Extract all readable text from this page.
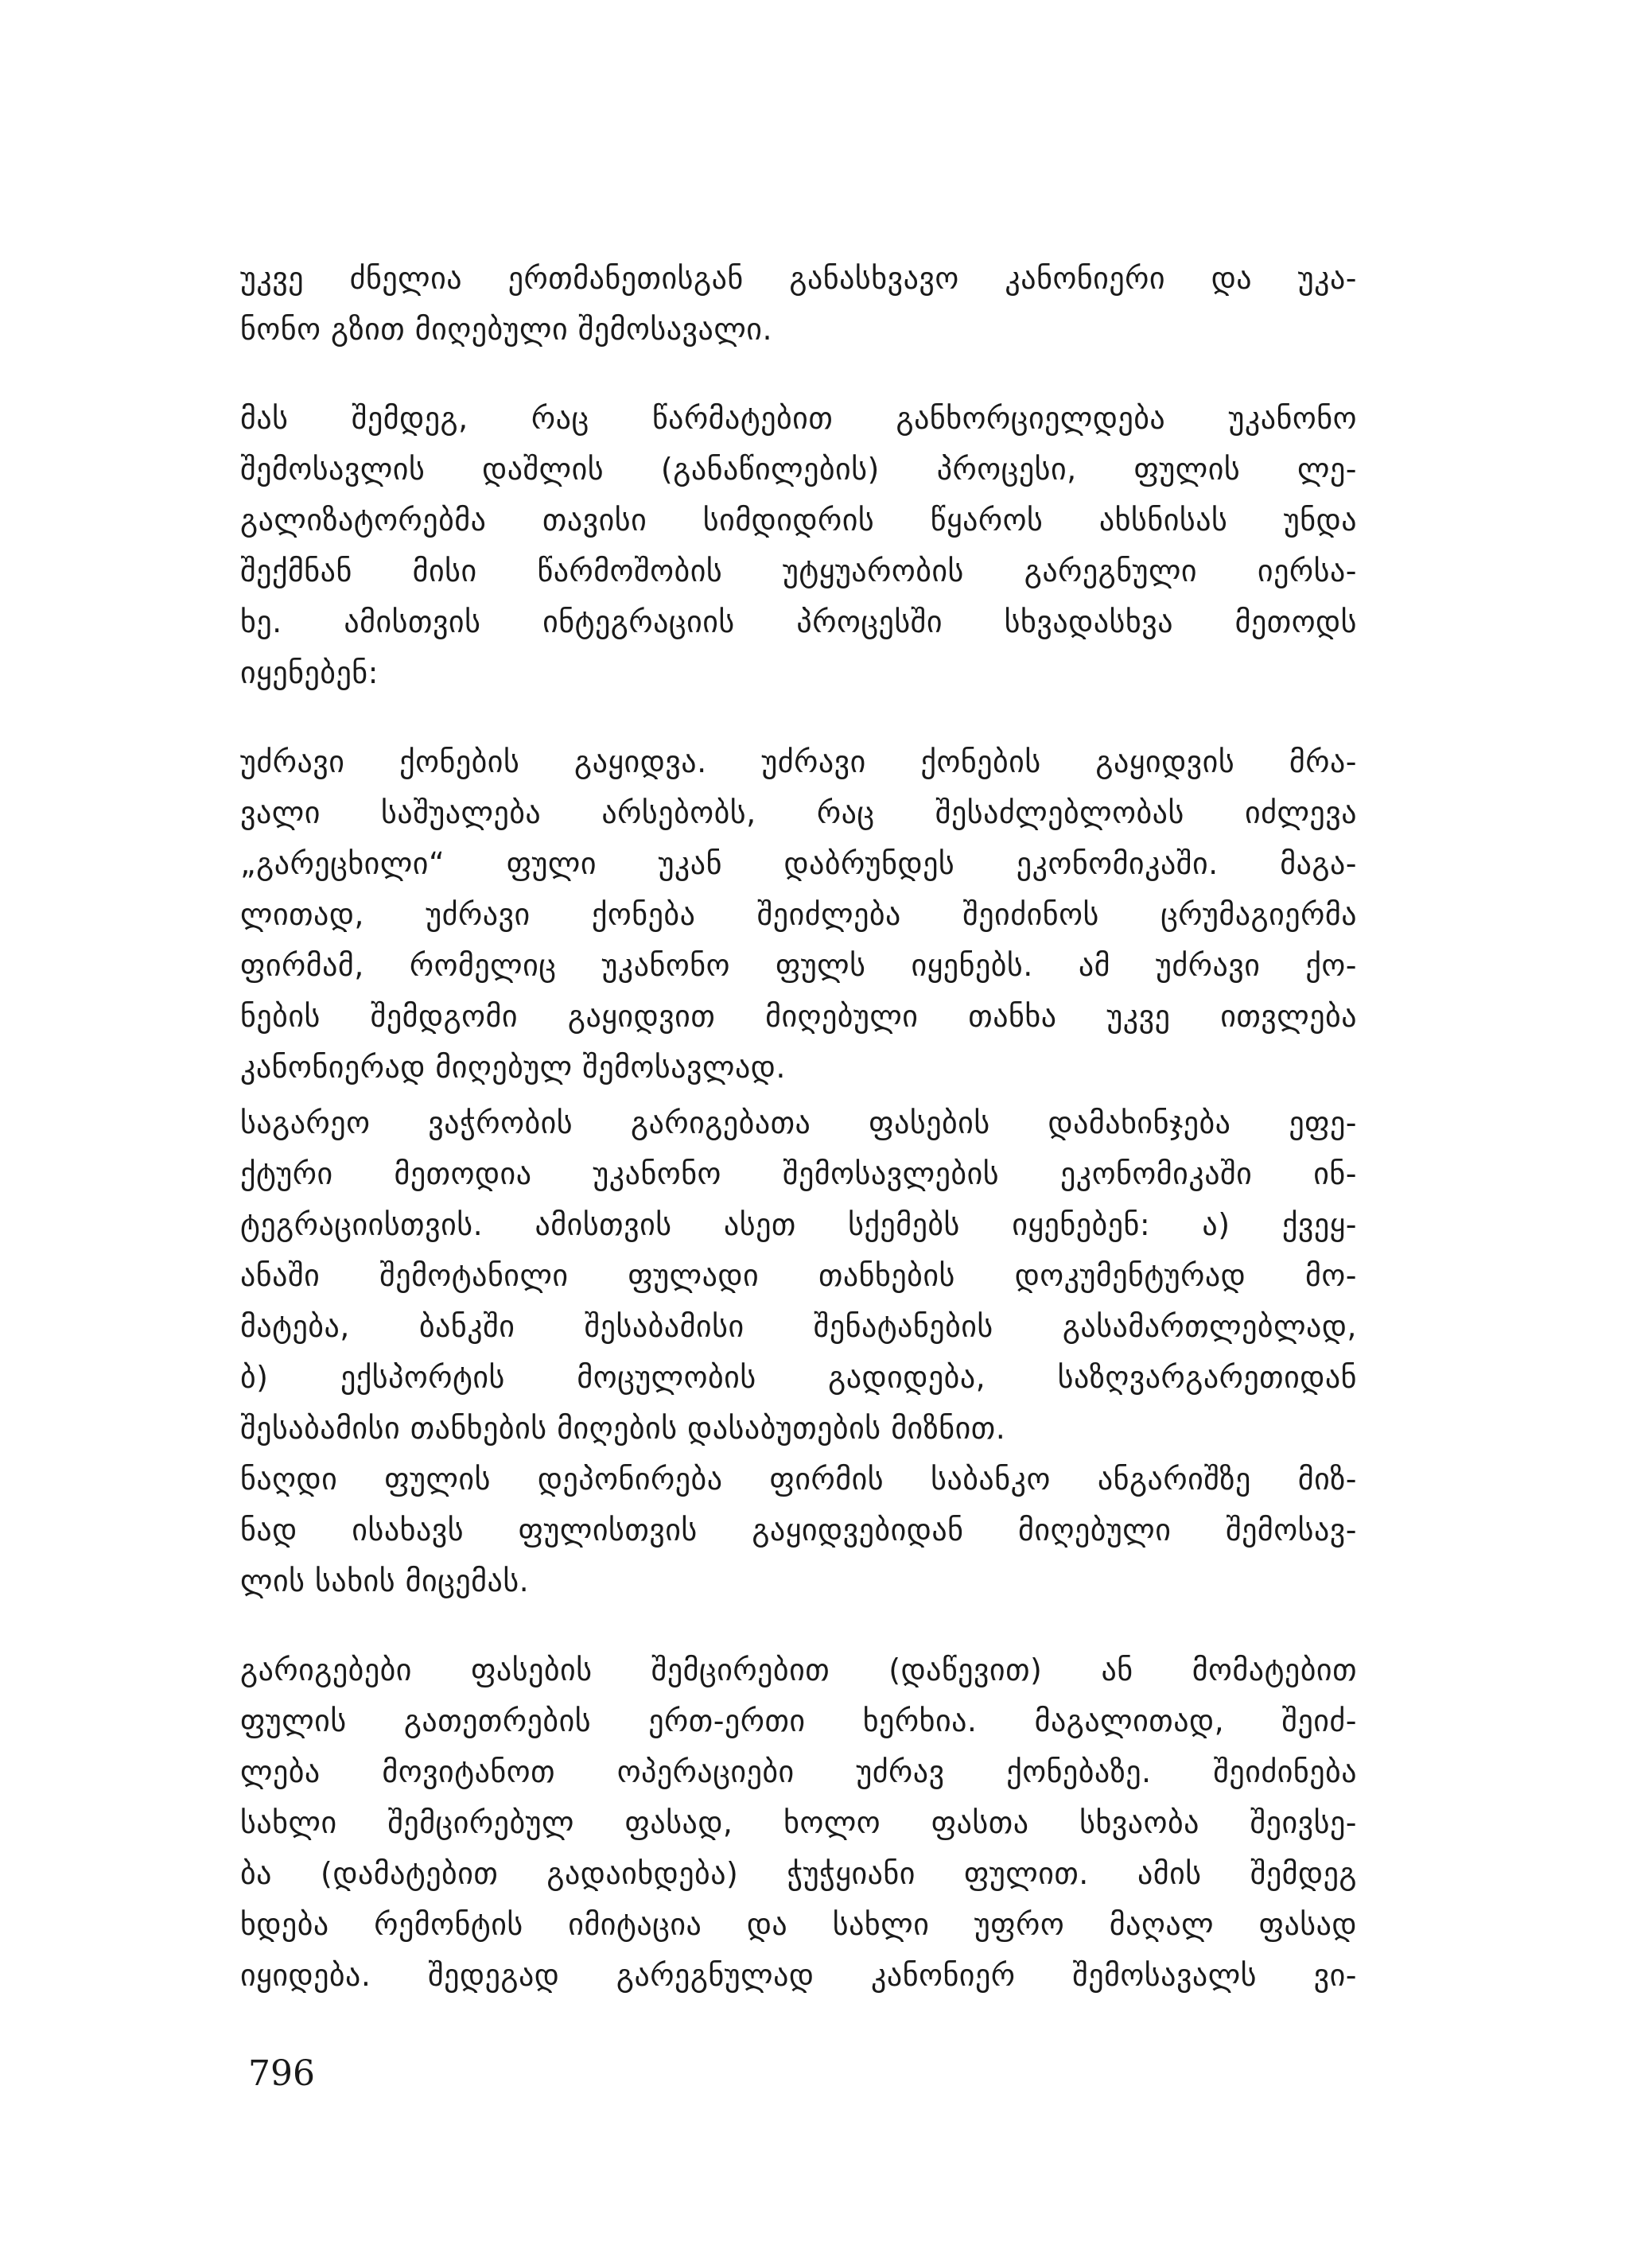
უკვე ძნელია ერთმანეთისგან განასხვავო კანონიერი და უკა-
ნონო გზით მიღებული შემოსავალი.
მას შემდეგ, რაც წარმატებით განხორციელდება უკანონო
შემოსავლის დაშლის (განაწილების) პროცესი, ფულის ლე-
გალიზატორებმა თავისი სიმდიდრის წყაროს ახსნისას უნდა
შექმნან მისი წარმოშობის უტყუარობის გარეგნული იერსა-
ხე. ამისთვის ინტეგრაციის პროცესში სხვადასხვა მეთოდს
იყენებენ:
უძრავი ქონების გაყიდვა. უძრავი ქონების გაყიდვის მრა-
ვალი საშუალება არსებობს, რაც შესაძლებლობას იძლევა
„გარეცხილი“ ფული უკან დაბრუნდეს ეკონომიკაში. მაგა-
ლითად, უძრავი ქონება შეიძლება შეიძინოს ცრუმაგიერმა
ფირმამ, რომელიც უკანონო ფულს იყენებს. ამ უძრავი ქო-
ნების შემდგომი გაყიდვით მიღებული თანხა უკვე ითვლება
კანონიერად მიღებულ შემოსავლად.
საგარეო ვაჭრობის გარიგებათა ფასების დამახინჯება ეფე-
ქტური მეთოდია უკანონო შემოსავლების ეკონომიკაში ინ-
ტეგრაციისთვის. ამისთვის ასეთ სქემებს იყენებენ: ა) ქვეყ-
ანაში შემოტანილი ფულადი თანხების დოკუმენტურად მო-
მატება, ბანკში შესაბამისი შენატანების გასამართლებლად,
ბ) ექსპორტის მოცულობის გადიდება, საზღვარგარეთიდან
შესაბამისი თანხების მიღების დასაბუთების მიზნით.
ნაღდი ფულის დეპონირება ფირმის საბანკო ანგარიშზე მიზ-
ნად ისახავს ფულისთვის გაყიდვებიდან მიღებული შემოსავ-
ლის სახის მიცემას.
გარიგებები ფასების შემცირებით (დაწევით) ან მომატებით
ფულის გათეთრების ერთ-ერთი ხერხია. მაგალითად, შეიძ-
ლება მოვიტანოთ ოპერაციები უძრავ ქონებაზე. შეიძინება
სახლი შემცირებულ ფასად, ხოლო ფასთა სხვაობა შეივსე-
ბა (დამატებით გადაიხდება) ჭუჭყიანი ფულით. ამის შემდეგ
ხდება რემონტის იმიტაცია და სახლი უფრო მაღალ ფასად
იყიდება. შედეგად გარეგნულად კანონიერ შემოსავალს ვი-
796
